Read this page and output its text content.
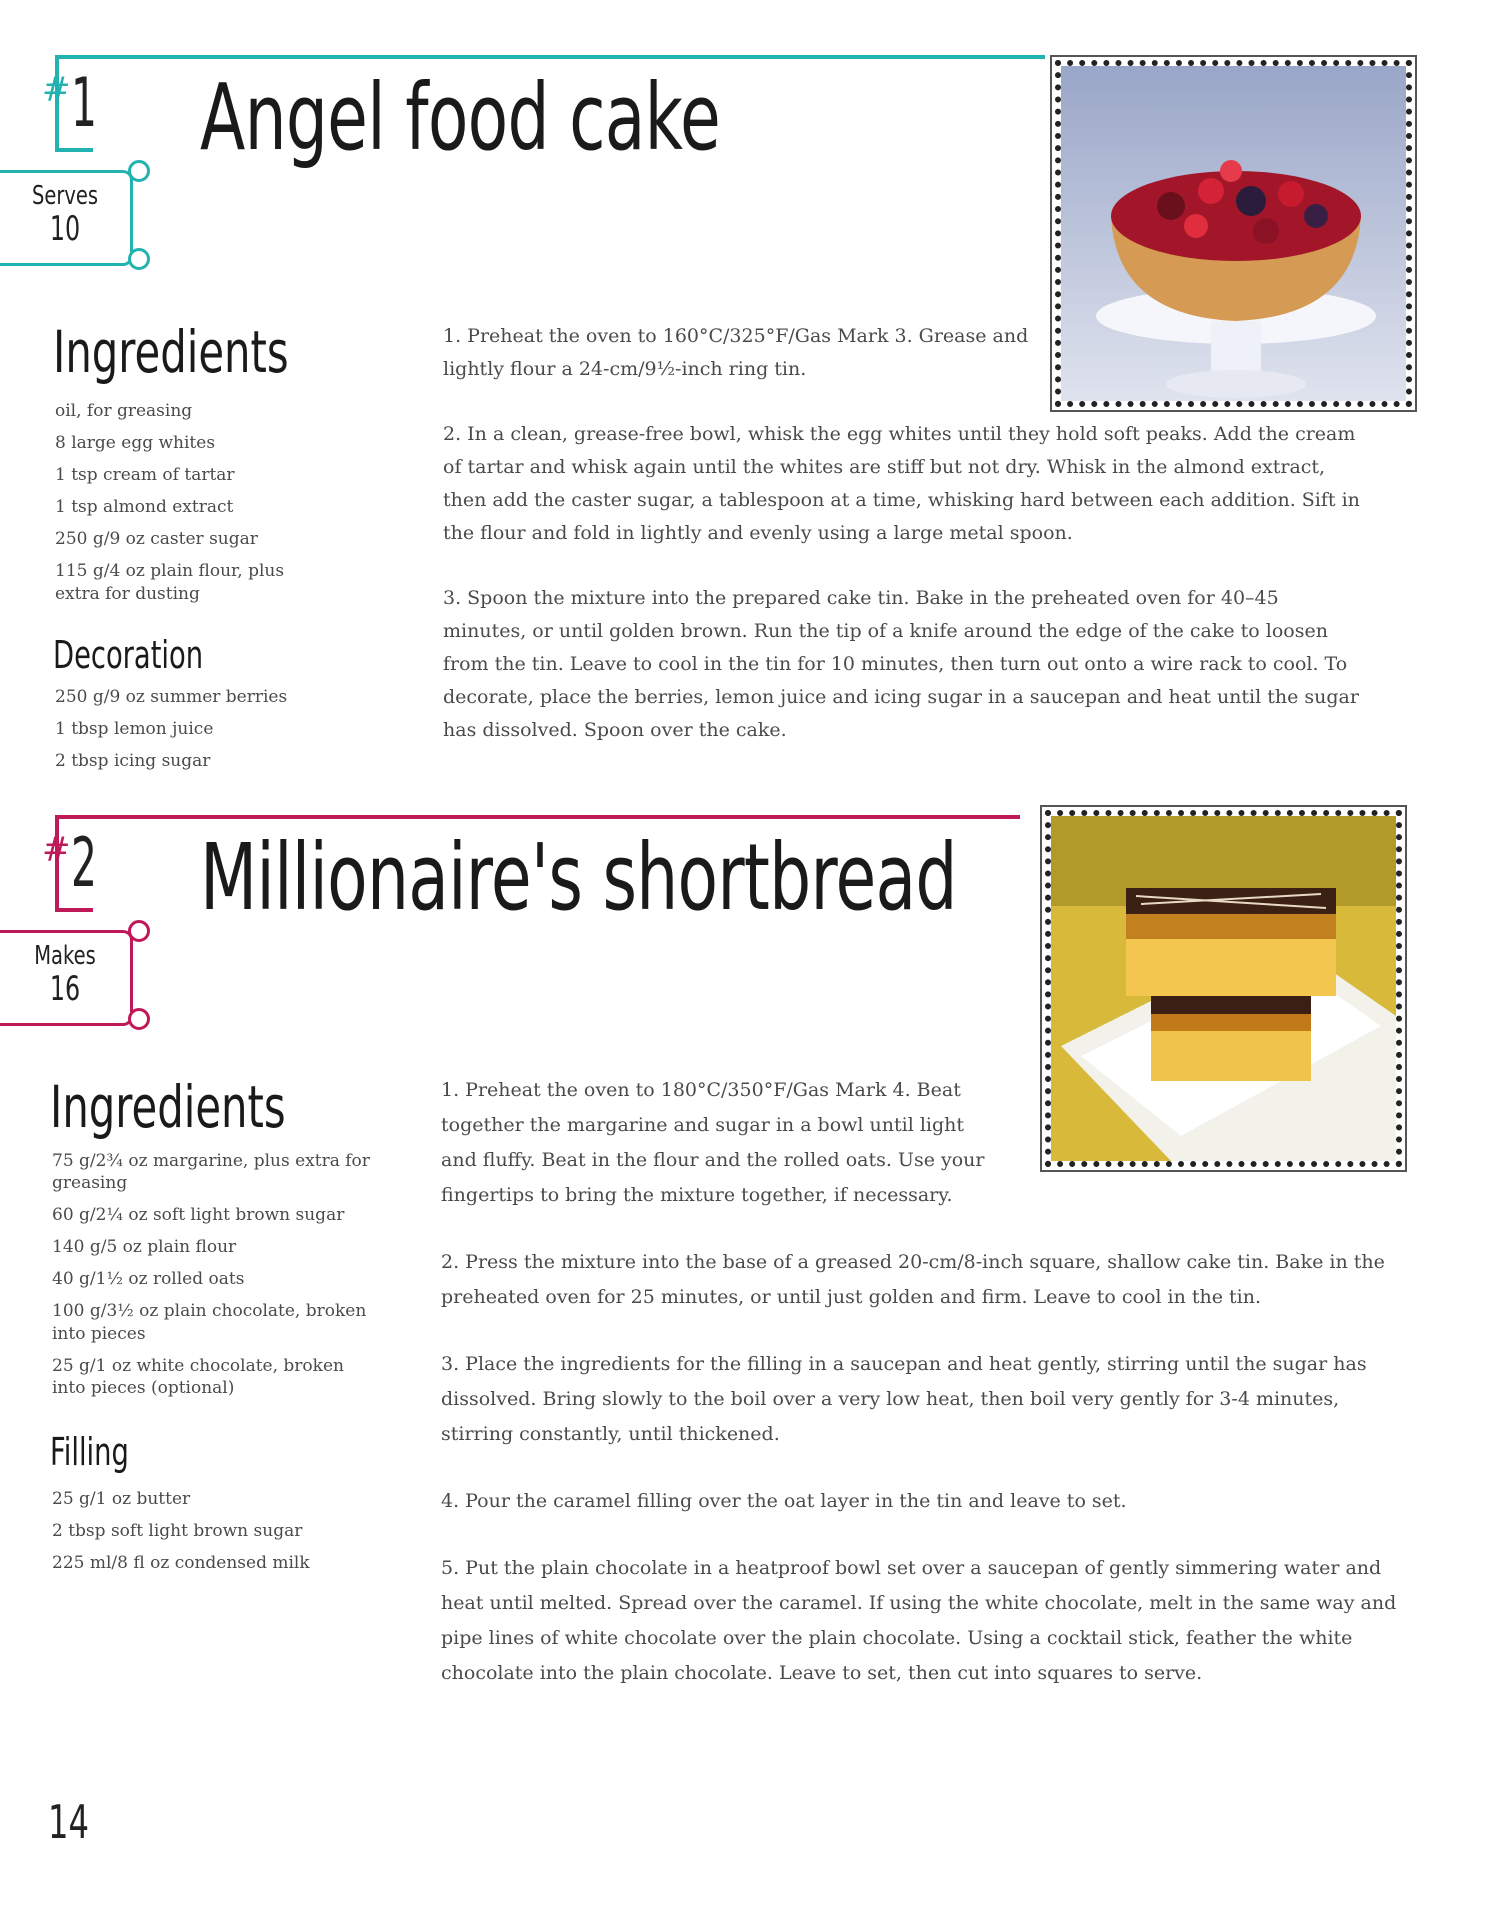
#1 Angel food cake
Serves
10
Ingredients
oil, for greasing
8 large egg whites
1 tsp cream of tartar
1 tsp almond extract
250 g/9 oz caster sugar
115 g/4 oz plain flour, plus extra for dusting
Decoration
250 g/9 oz summer berries
1 tbsp lemon juice
2 tbsp icing sugar

1. Preheat the oven to 160°C/325°F/Gas Mark 3. Grease and lightly flour a 24-cm/9½-inch ring tin.

2. In a clean, grease-free bowl, whisk the egg whites until they hold soft peaks. Add the cream of tartar and whisk again until the whites are stiff but not dry. Whisk in the almond extract, then add the caster sugar, a tablespoon at a time, whisking hard between each addition. Sift in the flour and fold in lightly and evenly using a large metal spoon.

3. Spoon the mixture into the prepared cake tin. Bake in the preheated oven for 40–45 minutes, or until golden brown. Run the tip of a knife around the edge of the cake to loosen from the tin. Leave to cool in the tin for 10 minutes, then turn out onto a wire rack to cool. To decorate, place the berries, lemon juice and icing sugar in a saucepan and heat until the sugar has dissolved. Spoon over the cake.

#2 Millionaire's shortbread
Makes
16
Ingredients
75 g/2¾ oz margarine, plus extra for greasing
60 g/2¼ oz soft light brown sugar
140 g/5 oz plain flour
40 g/1½ oz rolled oats
100 g/3½ oz plain chocolate, broken into pieces
25 g/1 oz white chocolate, broken into pieces (optional)
Filling
25 g/1 oz butter
2 tbsp soft light brown sugar
225 ml/8 fl oz condensed milk

1. Preheat the oven to 180°C/350°F/Gas Mark 4. Beat together the margarine and sugar in a bowl until light and fluffy. Beat in the flour and the rolled oats. Use your fingertips to bring the mixture together, if necessary.

2. Press the mixture into the base of a greased 20-cm/8-inch square, shallow cake tin. Bake in the preheated oven for 25 minutes, or until just golden and firm. Leave to cool in the tin.

3. Place the ingredients for the filling in a saucepan and heat gently, stirring until the sugar has dissolved. Bring slowly to the boil over a very low heat, then boil very gently for 3-4 minutes, stirring constantly, until thickened.

4. Pour the caramel filling over the oat layer in the tin and leave to set.

5. Put the plain chocolate in a heatproof bowl set over a saucepan of gently simmering water and heat until melted. Spread over the caramel. If using the white chocolate, melt in the same way and pipe lines of white chocolate over the plain chocolate. Using a cocktail stick, feather the white chocolate into the plain chocolate. Leave to set, then cut into squares to serve.

14
